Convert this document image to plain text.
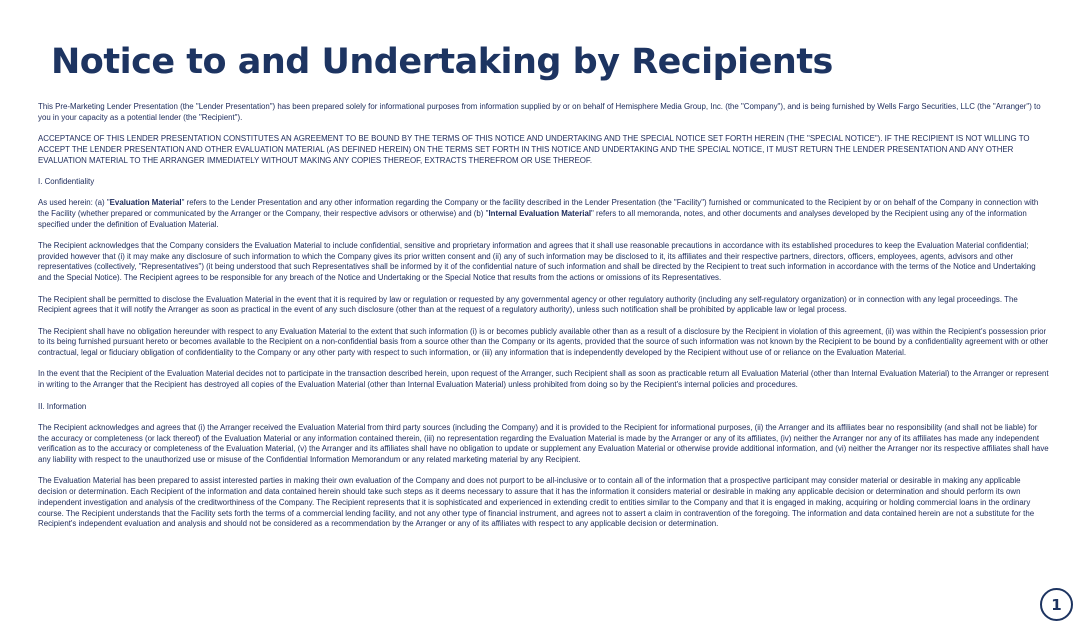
Notice to and Undertaking by Recipients

This Pre-Marketing Lender Presentation (the "Lender Presentation") has been prepared solely for informational purposes from information supplied by or on behalf of Hemisphere Media Group, Inc. (the "Company"), and is being furnished by Wells Fargo Securities, LLC (the "Arranger") to you in your capacity as a potential lender (the "Recipient").

ACCEPTANCE OF THIS LENDER PRESENTATION CONSTITUTES AN AGREEMENT TO BE BOUND BY THE TERMS OF THIS NOTICE AND UNDERTAKING AND THE SPECIAL NOTICE SET FORTH HEREIN (THE "SPECIAL NOTICE"). IF THE RECIPIENT IS NOT WILLING TO ACCEPT THE LENDER PRESENTATION AND OTHER EVALUATION MATERIAL (AS DEFINED HEREIN) ON THE TERMS SET FORTH IN THIS NOTICE AND UNDERTAKING AND THE SPECIAL NOTICE, IT MUST RETURN THE LENDER PRESENTATION AND ANY OTHER EVALUATION MATERIAL TO THE ARRANGER IMMEDIATELY WITHOUT MAKING ANY COPIES THEREOF, EXTRACTS THEREFROM OR USE THEREOF.

I. Confidentiality

As used herein: (a) "Evaluation Material" refers to the Lender Presentation and any other information regarding the Company or the facility described in the Lender Presentation (the "Facility") furnished or communicated to the Recipient by or on behalf of the Company in connection with the Facility (whether prepared or communicated by the Arranger or the Company, their respective advisors or otherwise) and (b) "Internal Evaluation Material" refers to all memoranda, notes, and other documents and analyses developed by the Recipient using any of the information specified under the definition of Evaluation Material.

The Recipient acknowledges that the Company considers the Evaluation Material to include confidential, sensitive and proprietary information and agrees that it shall use reasonable precautions in accordance with its established procedures to keep the Evaluation Material confidential; provided however that (i) it may make any disclosure of such information to which the Company gives its prior written consent and (ii) any of such information may be disclosed to it, its affiliates and their respective partners, directors, officers, employees, agents, advisors and other representatives (collectively, "Representatives") (it being understood that such Representatives shall be informed by it of the confidential nature of such information and shall be directed by the Recipient to treat such information in accordance with the terms of the Notice and Undertaking and the Special Notice). The Recipient agrees to be responsible for any breach of the Notice and Undertaking or the Special Notice that results from the actions or omissions of its Representatives.

The Recipient shall be permitted to disclose the Evaluation Material in the event that it is required by law or regulation or requested by any governmental agency or other regulatory authority (including any self-regulatory organization) or in connection with any legal proceedings. The Recipient agrees that it will notify the Arranger as soon as practical in the event of any such disclosure (other than at the request of a regulatory authority), unless such notification shall be prohibited by applicable law or legal process.

The Recipient shall have no obligation hereunder with respect to any Evaluation Material to the extent that such information (i) is or becomes publicly available other than as a result of a disclosure by the Recipient in violation of this agreement, (ii) was within the Recipient's possession prior to its being furnished pursuant hereto or becomes available to the Recipient on a non-confidential basis from a source other than the Company or its agents, provided that the source of such information was not known by the Recipient to be bound by a confidentiality agreement with or other contractual, legal or fiduciary obligation of confidentiality to the Company or any other party with respect to such information, or (iii) any information that is independently developed by the Recipient without use of or reliance on the Evaluation Material.

In the event that the Recipient of the Evaluation Material decides not to participate in the transaction described herein, upon request of the Arranger, such Recipient shall as soon as practicable return all Evaluation Material (other than Internal Evaluation Material) to the Arranger or represent in writing to the Arranger that the Recipient has destroyed all copies of the Evaluation Material (other than Internal Evaluation Material) unless prohibited from doing so by the Recipient's internal policies and procedures.

II. Information

The Recipient acknowledges and agrees that (i) the Arranger received the Evaluation Material from third party sources (including the Company) and it is provided to the Recipient for informational purposes, (ii) the Arranger and its affiliates bear no responsibility (and shall not be liable) for the accuracy or completeness (or lack thereof) of the Evaluation Material or any information contained therein, (iii) no representation regarding the Evaluation Material is made by the Arranger or any of its affiliates, (iv) neither the Arranger nor any of its affiliates has made any independent verification as to the accuracy or completeness of the Evaluation Material, (v) the Arranger and its affiliates shall have no obligation to update or supplement any Evaluation Material or otherwise provide additional information, and (vi) neither the Arranger nor its respective affiliates shall have any liability with respect to the unauthorized use or misuse of the Confidential Information Memorandum or any related marketing material by any Recipient.

The Evaluation Material has been prepared to assist interested parties in making their own evaluation of the Company and does not purport to be all-inclusive or to contain all of the information that a prospective participant may consider material or desirable in making any applicable decision or determination. Each Recipient of the information and data contained herein should take such steps as it deems necessary to assure that it has the information it considers material or desirable in making any applicable decision or determination and should perform its own independent investigation and analysis of the creditworthiness of the Company. The Recipient represents that it is sophisticated and experienced in extending credit to entities similar to the Company and that it is engaged in making, acquiring or holding commercial loans in the ordinary course. The Recipient understands that the Facility sets forth the terms of a commercial lending facility, and not any other type of financial instrument, and agrees not to assert a claim in contravention of the foregoing. The information and data contained herein are not a substitute for the Recipient's independent evaluation and analysis and should not be considered as a recommendation by the Arranger or any of its affiliates with respect to any applicable decision or determination.

1
